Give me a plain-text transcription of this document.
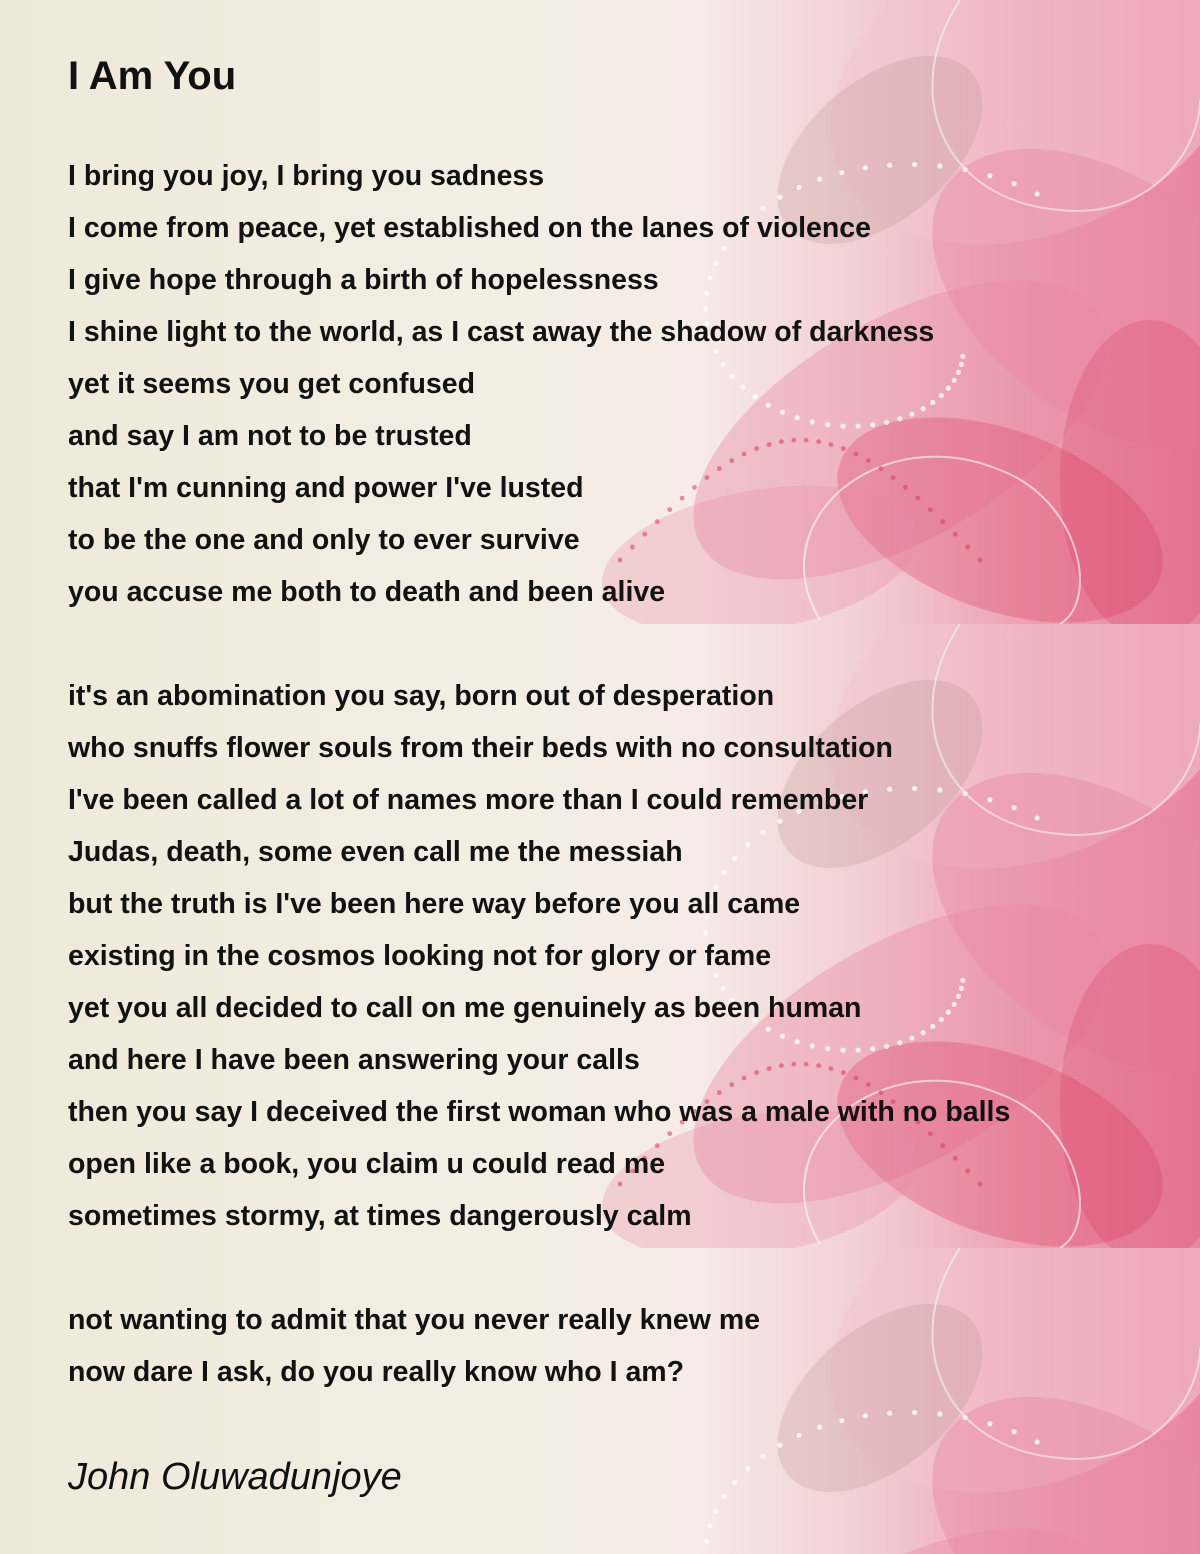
I Am You
I bring you joy, I bring you sadness
I come from peace, yet established on the lanes of violence
I give hope through a birth of hopelessness
I shine light to the world, as I cast away the shadow of darkness
yet it seems you get confused
and say I am not to be trusted
that I'm cunning and power I've lusted
to be the one and only to ever survive
you accuse me both to death and been alive
it's an abomination you say, born out of desperation
who snuffs flower souls from their beds with no consultation
I've been called a lot of names more than I could remember
Judas, death, some even call me the messiah
but the truth is I've been here way before you all came
existing in the cosmos looking not for glory or fame
yet you all decided to call on me genuinely as been human
and here I have been answering your calls
then you say I deceived the first woman who was a male with no balls
open like a book, you claim u could read me
sometimes stormy, at times dangerously calm
not wanting to admit that you never really knew me
now dare I ask, do you really know who I am?
John Oluwadunjoye
